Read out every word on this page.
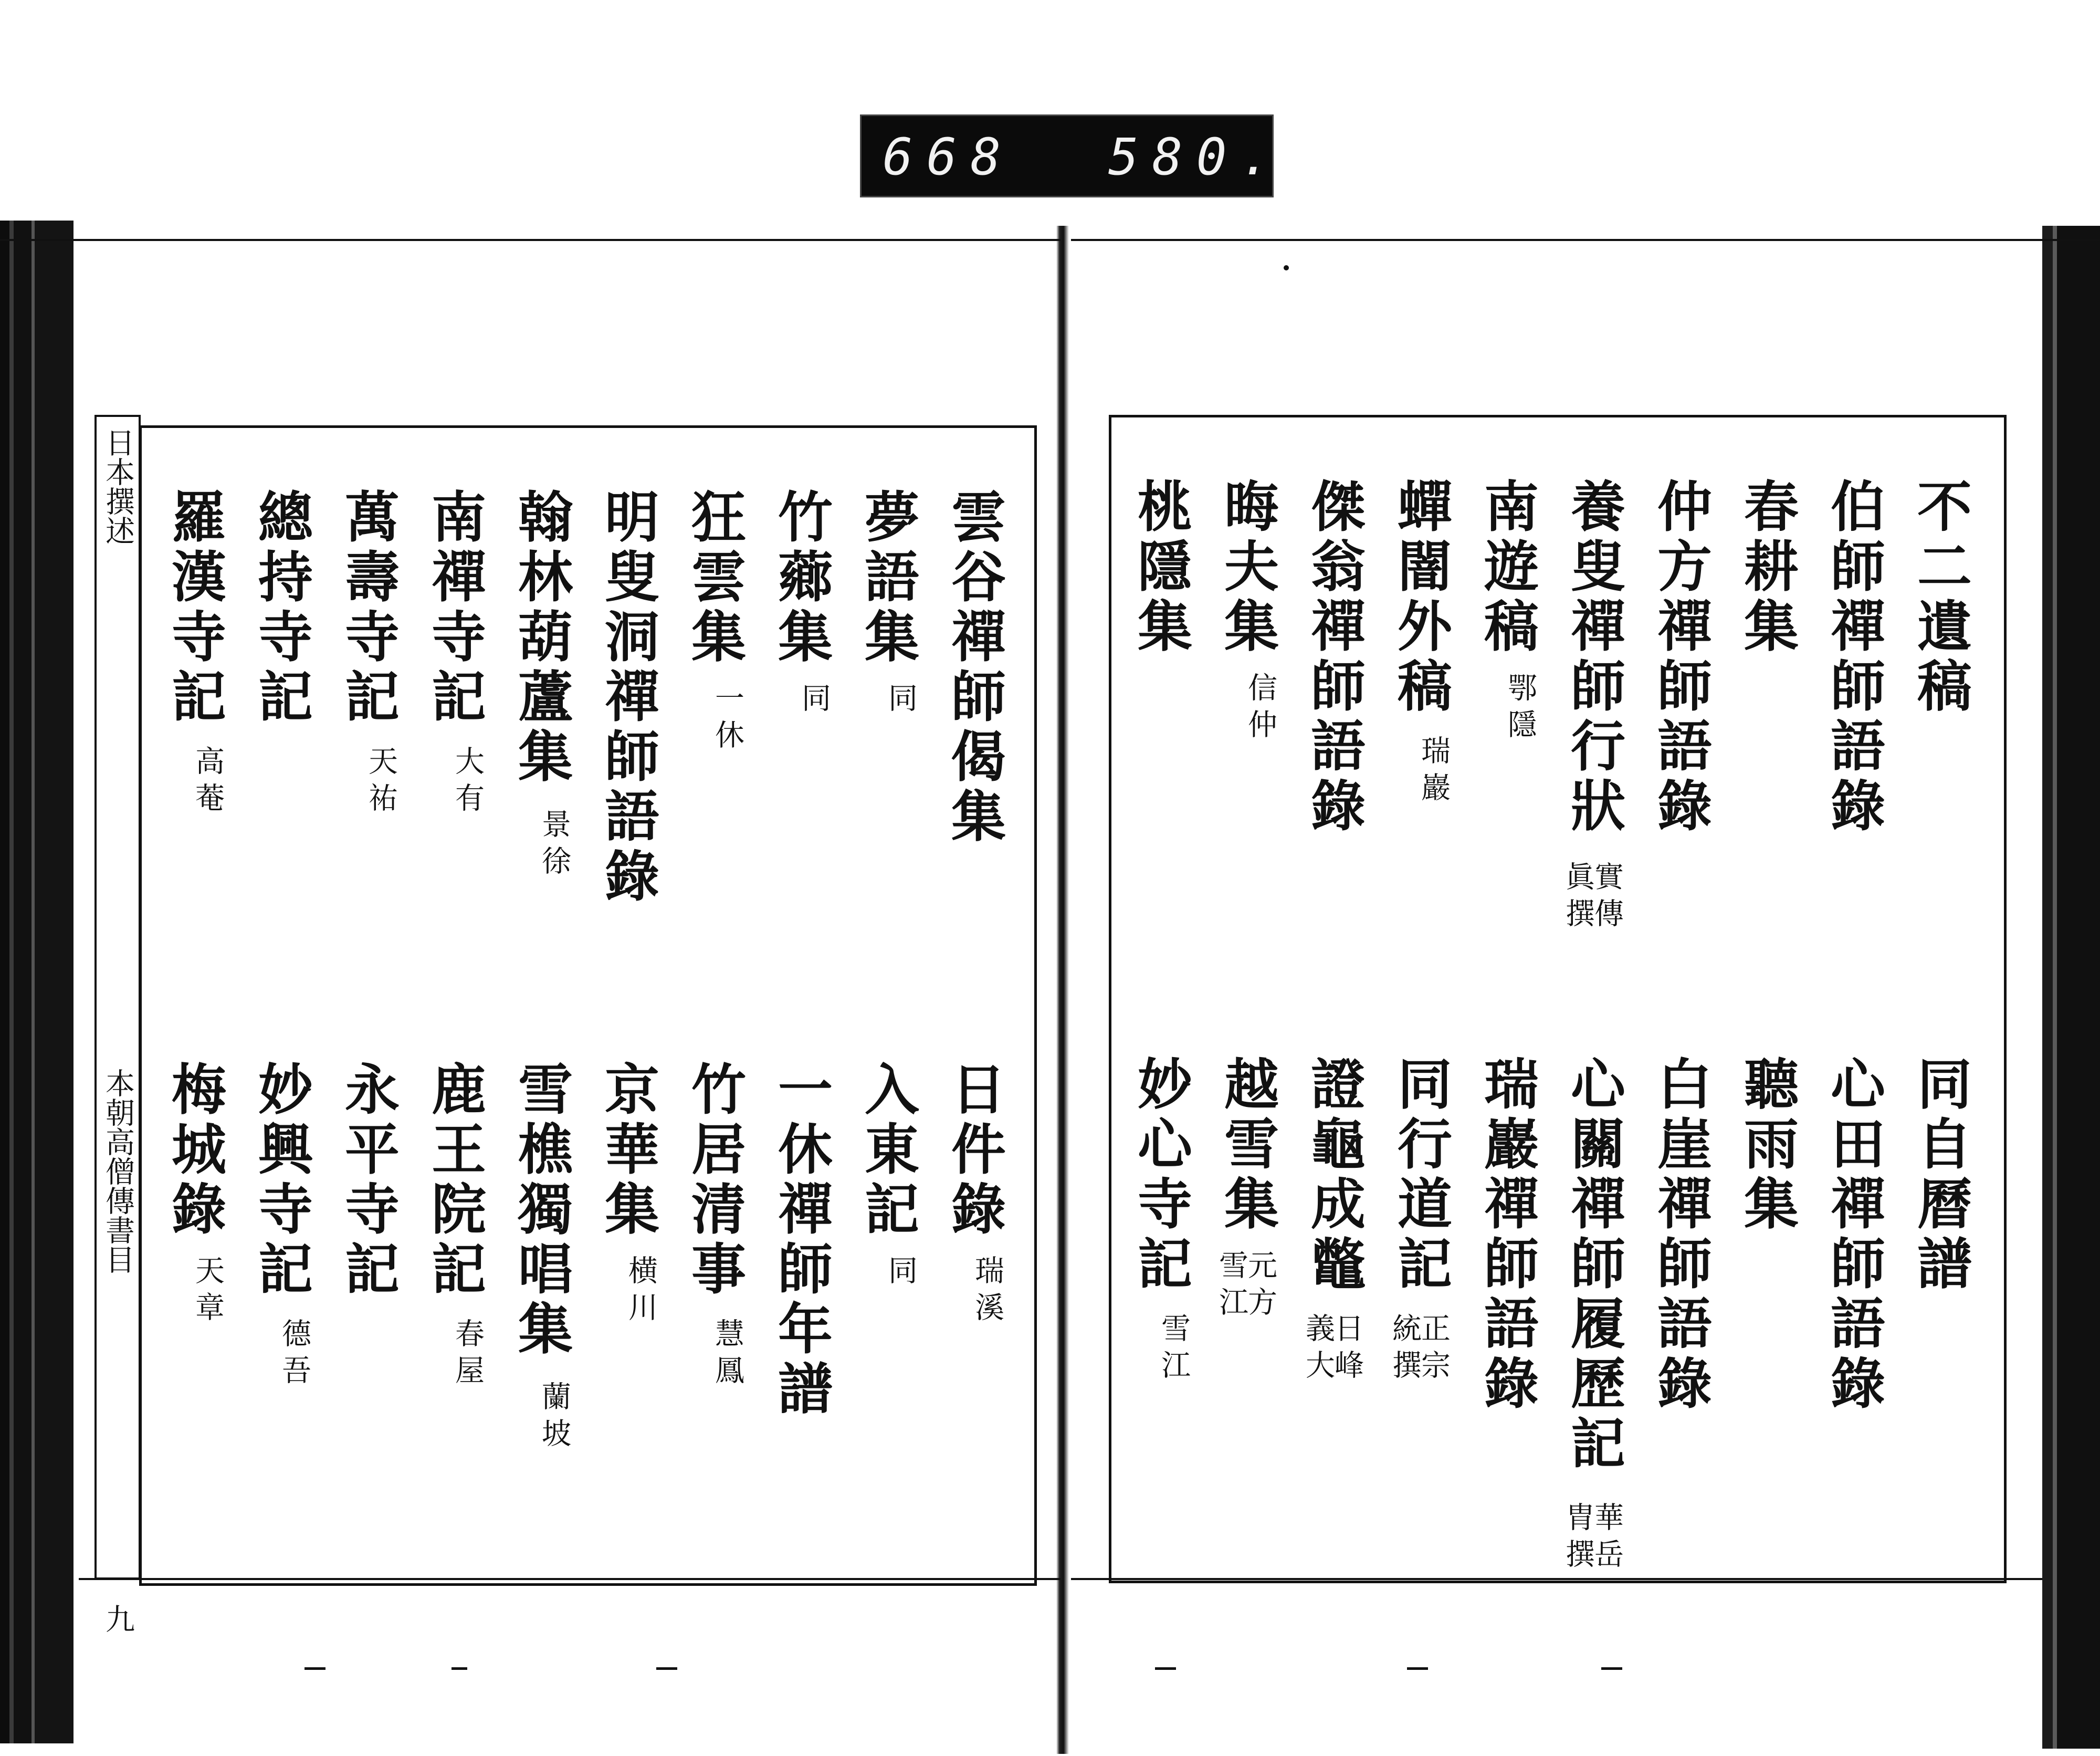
668 580.
日本撰述
本朝高僧傳書目
九
雲谷禪師偈集
夢語集
同
竹薌集
同
狂雲集
一休
明叟洞禪師語錄
翰林葫蘆集
景徐
南禪寺記
大有
萬壽寺記
天祐
總持寺記
羅漢寺記
高菴
日件錄
瑞溪
入東記
同
一休禪師年譜
竹居清事
慧鳳
京華集
横川
雪樵獨唱集
蘭坡
鹿王院記
春屋
永平寺記
妙興寺記
德吾
梅城錄
天章
不二遺稿
伯師禪師語錄
春耕集
仲方禪師語錄
養叟禪師行狀
實傳
眞撰
南遊稿
鄂隱
蟬闇外稿
瑞巖
傑翁禪師語錄
晦夫集
信仲
桃隱集
同自曆譜
心田禪師語錄
聽雨集
白崖禪師語錄
心關禪師履歷記
華岳
胄撰
瑞巖禪師語錄
同行道記
正宗
統撰
證龜成鼈
日峰
義大
越雪集
元方
雪江
妙心寺記
雪江
